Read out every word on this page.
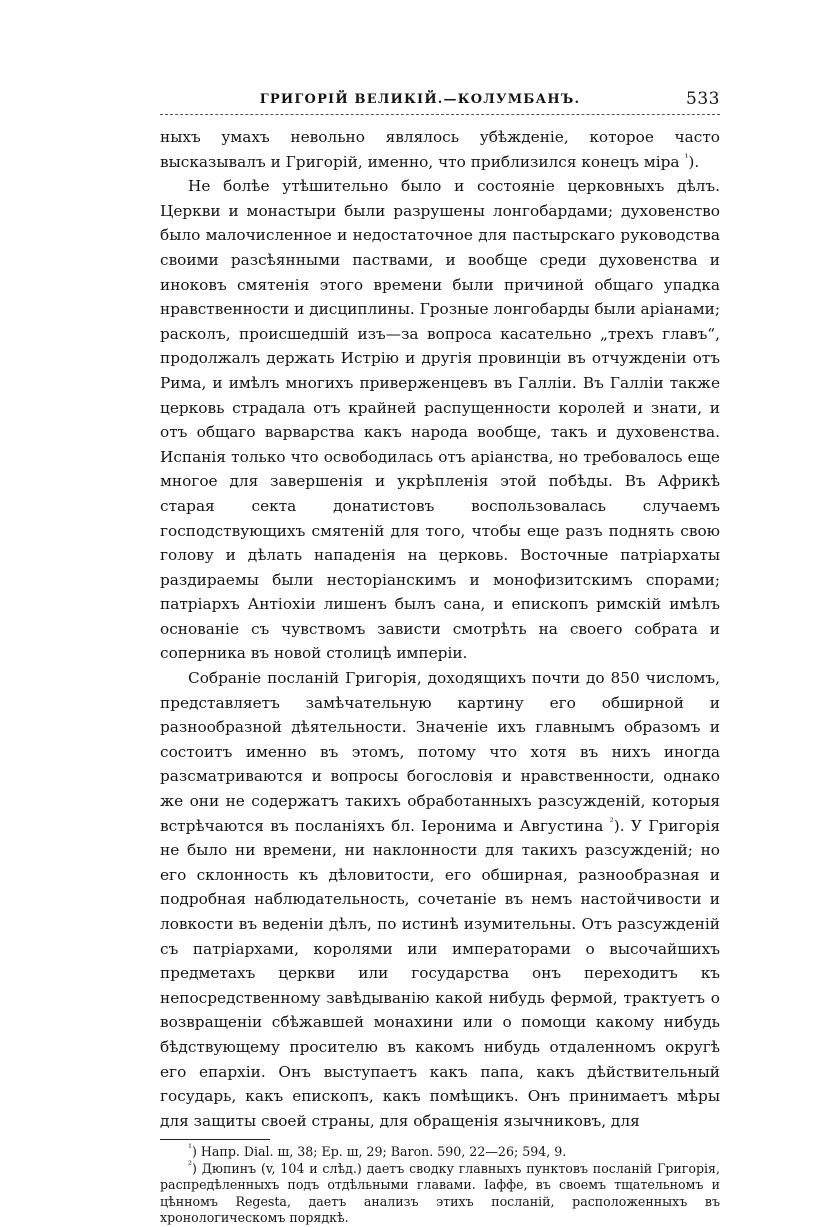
ГРИГОРІЙ ВЕЛИКІЙ.—КОЛУМБАНЪ.	533

ныхъ умахъ невольно являлось убѣжденіе, которое часто высказывалъ и Григорій, именно, что приблизился конецъ міра $^{^1}$).

Не болѣе утѣшительно было и состояніе церковныхъ дѣлъ. Церкви и монастыри были разрушены лонгобардами; духовенство было малочисленное и недостаточное для пастырскаго руководства своими разсѣянными паствами, и вообще среди духовенства и иноковъ смятенія этого времени были причиной общаго упадка нравственности и дисциплины. Грозные лонгобарды были аріанами; расколъ, происшедшій изъ—за вопроса касательно „трехъ главъ“, продолжалъ держать Истрію и другія провинціи въ отчужденіи отъ Рима, и имѣлъ многихъ приверженцевъ въ Галліи. Въ Галліи также церковь страдала отъ крайней распущенности королей и знати, и отъ общаго варварства какъ народа вообще, такъ и духовенства. Испанія только что освободилась отъ аріанства, но требовалось еще многое для завершенія и укрѣпленія этой побѣды. Въ Африкѣ старая секта донатистовъ воспользовалась случаемъ господствующихъ смятеній для того, чтобы еще разъ поднять свою голову и дѣлать нападенія на церковь. Восточные патріархаты раздираемы были несторіанскимъ и монофизитскимъ спорами; патріархъ Антіохіи лишенъ былъ сана, и епископъ римскій имѣлъ основаніе съ чувствомъ зависти смотрѣть на своего собрата и соперника въ новой столицѣ имперіи.

Собраніе посланій Григорія, доходящихъ почти до 850 числомъ, представляетъ замѣчательную картину его обширной и разнообразной дѣятельности. Значеніе ихъ главнымъ образомъ и состоитъ именно въ этомъ, потому что хотя въ нихъ иногда разсматриваются и вопросы богословія и нравственности, однако же они не содержатъ такихъ обработанныхъ разсужденій, которыя встрѣчаются въ посланіяхъ бл. Іеронима и Августина $^{^2}$). У Григорія не было ни времени, ни наклонности для такихъ разсужденій; но его склонность къ дѣловитости, его обширная, разнообразная и подробная наблюдательность, сочетаніе въ немъ настойчивости и ловкости въ веденіи дѣлъ, по истинѣ изумительны. Отъ разсужденій съ патріархами, королями или императорами о высочайшихъ предметахъ церкви или государства онъ переходитъ къ непосредственному завѣдыванію какой нибудь фермой, трактуетъ о возвращеніи сбѣжавшей монахини или о помощи какому нибудь бѣдствующему просителю въ какомъ нибудь отдаленномъ округѣ его епархіи. Онъ выступаетъ какъ папа, какъ дѣйствительный государь, какъ епископъ, какъ помѣщикъ. Онъ принимаетъ мѣры для защиты своей страны, для обращенія язычниковъ, для

$^{^1}$) Напр. Dial. ш, 38; Ер. ш, 29; Baron. 590, 22—26; 594, 9.

$^{^2}$) Дюпинъ (v, 104 и слѣд.) даетъ сводку главныхъ пунктовъ посланій Григорія, распредѣленныхъ подъ отдѣльными главами. Іаффе, въ своемъ тщательномъ и цѣнномъ Regesta, даетъ анализъ этихъ посланій, расположенныхъ въ хронологическомъ порядкѣ.
